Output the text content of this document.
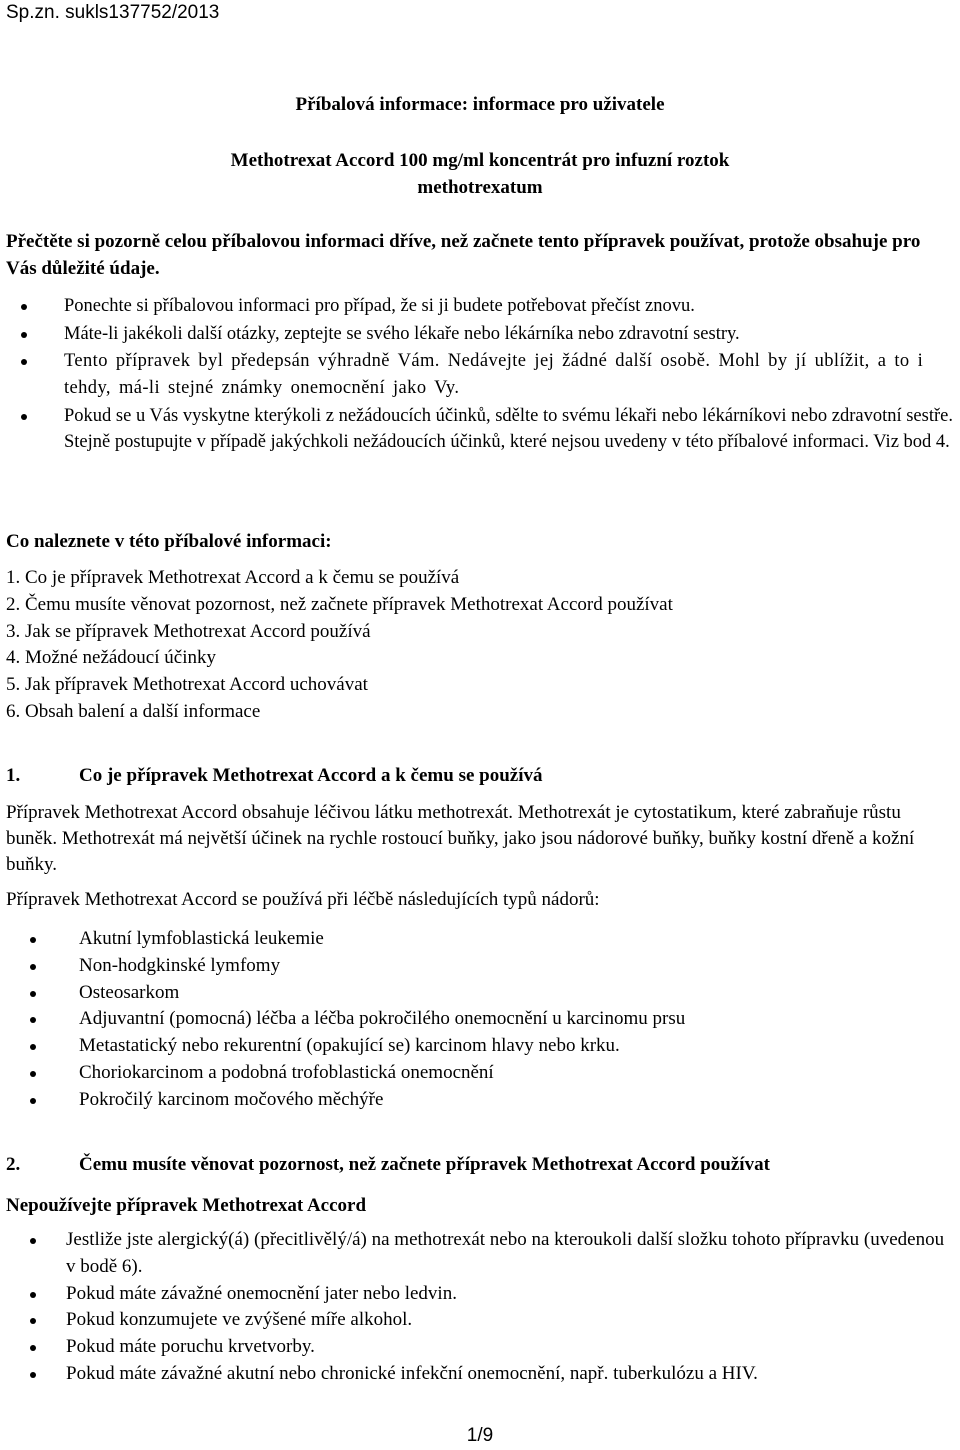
Sp.zn. sukls137752/2013
Příbalová informace: informace pro uživatele
Methotrexat Accord 100 mg/ml koncentrát pro infuzní roztok
methotrexatum
Přečtěte si pozorně celou příbalovou informaci dříve, než začnete tento přípravek používat, protože obsahuje pro Vás důležité údaje.
Ponechte si příbalovou informaci pro případ, že si ji budete potřebovat přečíst znovu.
Máte-li jakékoli další otázky, zeptejte se svého lékaře nebo lékárníka nebo zdravotní sestry.
Tento přípravek byl předepsán výhradně Vám. Nedávejte jej žádné další osobě. Mohl by jí ublížit, a to i tehdy, má-li stejné známky onemocnění jako Vy.
Pokud se u Vás vyskytne kterýkoli z nežádoucích účinků, sdělte to svému lékaři nebo lékárníkovi nebo zdravotní sestře. Stejně postupujte v případě jakýchkoli nežádoucích účinků, které nejsou uvedeny v této příbalové informaci. Viz bod 4.
Co naleznete v této příbalové informaci:
1. Co je přípravek Methotrexat Accord a k čemu se používá
2. Čemu musíte věnovat pozornost, než začnete přípravek Methotrexat Accord používat
3. Jak se přípravek Methotrexat Accord používá
4. Možné nežádoucí účinky
5. Jak přípravek Methotrexat Accord uchovávat
6. Obsah balení a další informace
1.	Co je přípravek Methotrexat Accord a k čemu se používá
Přípravek Methotrexat Accord obsahuje léčivou látku methotrexát. Methotrexát je cytostatikum, které zabraňuje růstu buněk. Methotrexát má největší účinek na rychle rostoucí buňky, jako jsou nádorové buňky, buňky kostní dřeně a kožní buňky.
Přípravek Methotrexat Accord se používá při léčbě následujících typů nádorů:
Akutní lymfoblastická leukemie
Non-hodgkinské lymfomy
Osteosarkom
Adjuvantní (pomocná) léčba a léčba pokročilého onemocnění u karcinomu prsu
Metastatický nebo rekurentní (opakující se) karcinom hlavy nebo krku.
Choriokarcinom a podobná trofoblastická onemocnění
Pokročilý karcinom močového měchýře
2.	Čemu musíte věnovat pozornost, než začnete přípravek Methotrexat Accord používat
Nepoužívejte přípravek Methotrexat Accord
Jestliže jste alergický(á) (přecitlivělý/á) na methotrexát nebo na kteroukoli další složku tohoto přípravku (uvedenou v bodě 6).
Pokud máte závažné onemocnění jater nebo ledvin.
Pokud konzumujete ve zvýšené míře alkohol.
Pokud máte poruchu krvetvorby.
Pokud máte závažné akutní nebo chronické infekční onemocnění, např. tuberkulózu a HIV.
1/9
